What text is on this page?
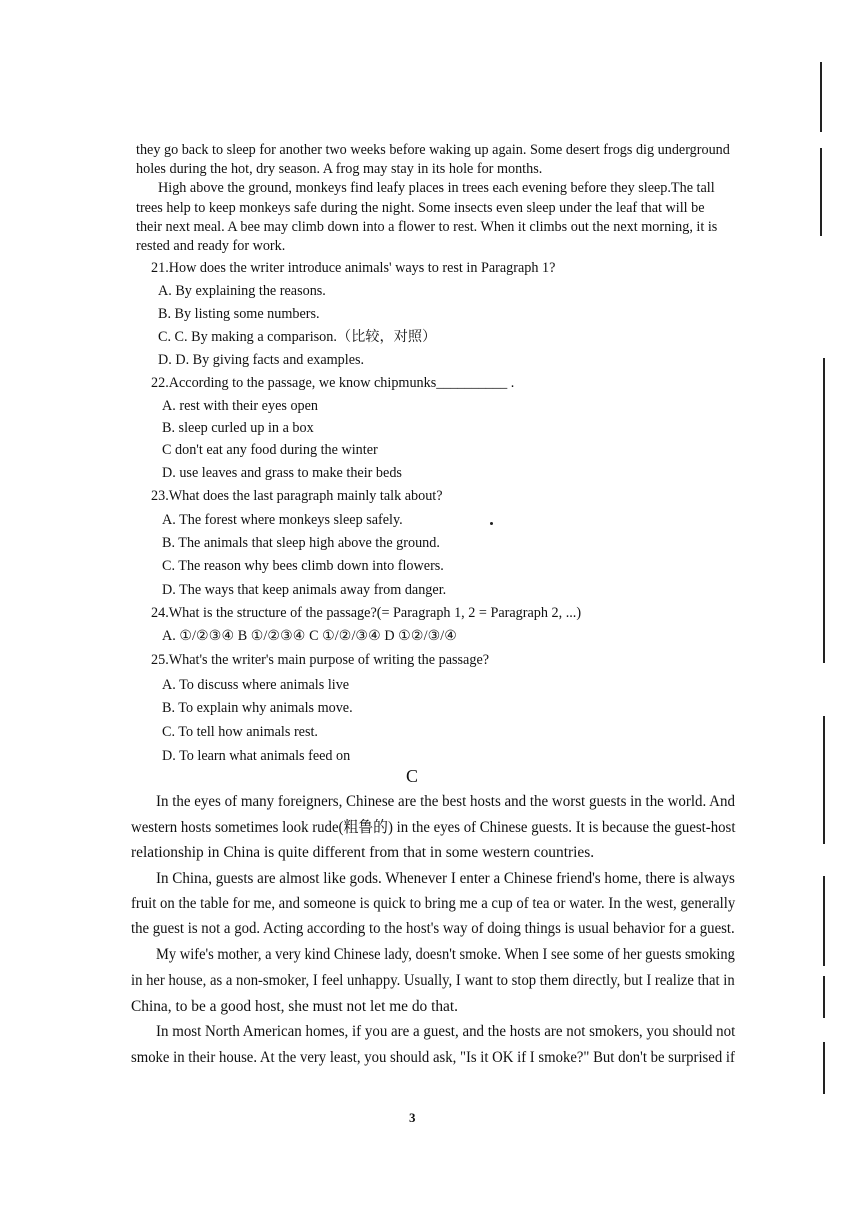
they go back to sleep for another two weeks before waking up again. Some desert frogs dig underground
holes during the hot, dry season. A frog may stay in its hole for months.
High above the ground, monkeys find leafy places in trees each evening before they sleep.The tall
trees help to keep monkeys safe during the night. Some insects even sleep under the leaf that will be
their next meal. A bee may climb down into a flower to rest. When it climbs out the next morning, it is
rested and ready for work.
21.How does the writer introduce animals' ways to rest in Paragraph 1?
A. By explaining the reasons.
B. By listing some numbers.
C. C. By making a comparison.（比较，对照）
D. D. By giving facts and examples.
22.According to the passage, we know chipmunks__________ .
A. rest with their eyes open
B. sleep curled up in a box
C don't eat any food during the winter
D. use leaves and grass to make their beds
23.What does the last paragraph mainly talk about?
A. The forest where monkeys sleep safely.
B. The animals that sleep high above the ground.
C. The reason why bees climb down into flowers.
D. The ways that keep animals away from danger.
24.What is the structure of the passage?(= Paragraph 1, 2 = Paragraph 2, ...)
A. ①/②③④ B ①/②③④ C ①/②/③④ D ①②/③/④
25.What's the writer's main purpose of writing the passage?
A. To discuss where animals live
B. To explain why animals move.
C. To tell how animals rest.
D. To learn what animals feed on
C
In the eyes of many foreigners, Chinese are the best hosts and the worst guests in the world. And
western hosts sometimes look rude(粗鲁的) in the eyes of Chinese guests. It is because the guest-host
relationship in China is quite different from that in some western countries.
In China, guests are almost like gods. Whenever I enter a Chinese friend's home, there is always
fruit on the table for me, and someone is quick to bring me a cup of tea or water. In the west, generally
the guest is not a god. Acting according to the host's way of doing things is usual behavior for a guest.
My wife's mother, a very kind Chinese lady, doesn't smoke. When I see some of her guests smoking
in her house, as a non-smoker, I feel unhappy. Usually, I want to stop them directly, but I realize that in
China, to be a good host, she must not let me do that.
In most North American homes, if you are a guest, and the hosts are not smokers, you should not
smoke in their house. At the very least, you should ask, "Is it OK if I smoke?" But don't be surprised if
3
